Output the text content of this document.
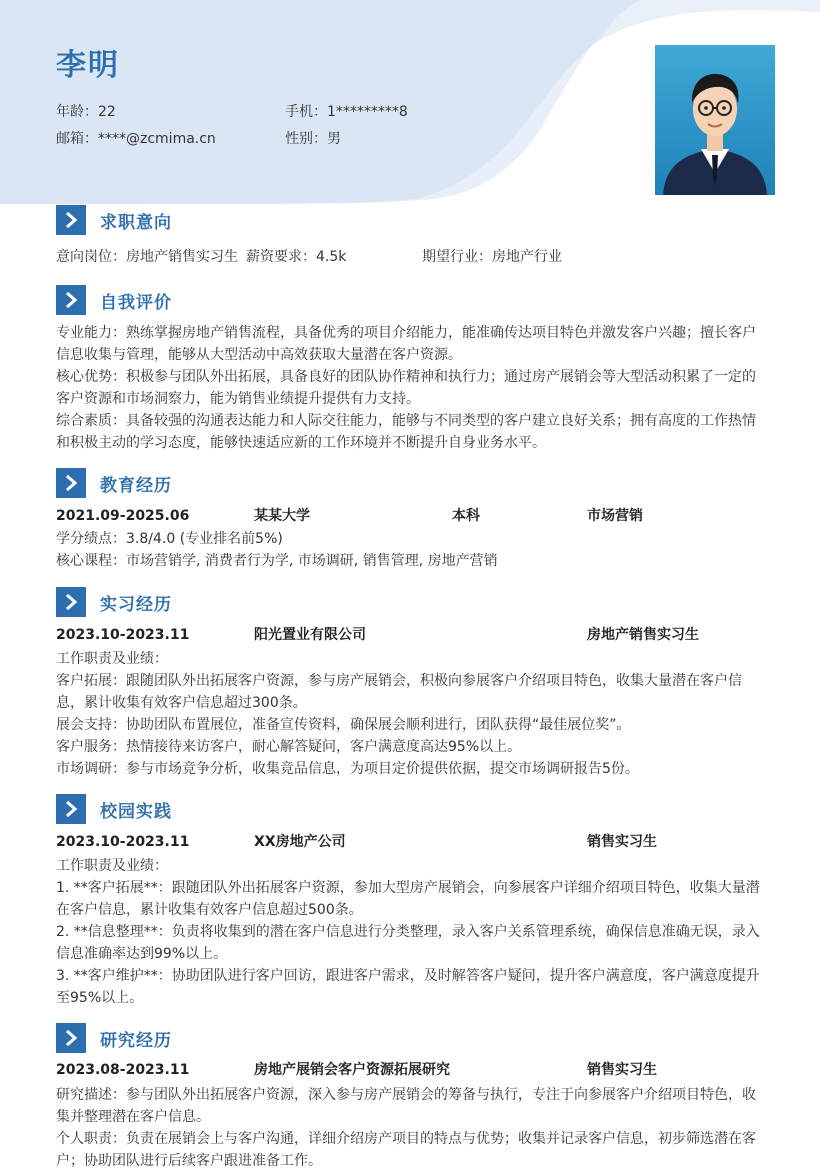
李明
年龄：22	手机：1*********8
邮箱：****@zcmima.cn	性别：男
求职意向
意向岗位：房地产销售实习生 薪资要求：4.5k	期望行业：房地产行业
自我评价
专业能力：熟练掌握房地产销售流程，具备优秀的项目介绍能力，能准确传达项目特色并激发客户兴趣；擅长客户
信息收集与管理，能够从大型活动中高效获取大量潜在客户资源。
核心优势：积极参与团队外出拓展，具备良好的团队协作精神和执行力；通过房产展销会等大型活动积累了一定的
客户资源和市场洞察力，能为销售业绩提升提供有力支持。
综合素质：具备较强的沟通表达能力和人际交往能力，能够与不同类型的客户建立良好关系；拥有高度的工作热情
和积极主动的学习态度，能够快速适应新的工作环境并不断提升自身业务水平。
教育经历
2021.09-2025.06	某某大学	本科	市场营销
学分绩点：3.8/4.0 (专业排名前5%)
核心课程：市场营销学, 消费者行为学, 市场调研, 销售管理, 房地产营销
实习经历
2023.10-2023.11	阳光置业有限公司	房地产销售实习生
工作职责及业绩：
客户拓展：跟随团队外出拓展客户资源，参与房产展销会，积极向参展客户介绍项目特色，收集大量潜在客户信
息，累计收集有效客户信息超过300条。
展会支持：协助团队布置展位，准备宣传资料，确保展会顺利进行，团队获得“最佳展位奖”。
客户服务：热情接待来访客户，耐心解答疑问，客户满意度高达95%以上。
市场调研：参与市场竞争分析，收集竞品信息，为项目定价提供依据，提交市场调研报告5份。
校园实践
2023.10-2023.11	XX房地产公司	销售实习生
工作职责及业绩：
1. **客户拓展**：跟随团队外出拓展客户资源，参加大型房产展销会，向参展客户详细介绍项目特色，收集大量潜
在客户信息，累计收集有效客户信息超过500条。
2. **信息整理**：负责将收集到的潜在客户信息进行分类整理，录入客户关系管理系统，确保信息准确无误，录入
信息准确率达到99%以上。
3. **客户维护**：协助团队进行客户回访，跟进客户需求，及时解答客户疑问，提升客户满意度，客户满意度提升
至95%以上。
研究经历
2023.08-2023.11	房地产展销会客户资源拓展研究	销售实习生
研究描述：参与团队外出拓展客户资源，深入参与房产展销会的筹备与执行，专注于向参展客户介绍项目特色，收
集并整理潜在客户信息。
个人职责：负责在展销会上与客户沟通，详细介绍房产项目的特点与优势；收集并记录客户信息，初步筛选潜在客
户；协助团队进行后续客户跟进准备工作。
